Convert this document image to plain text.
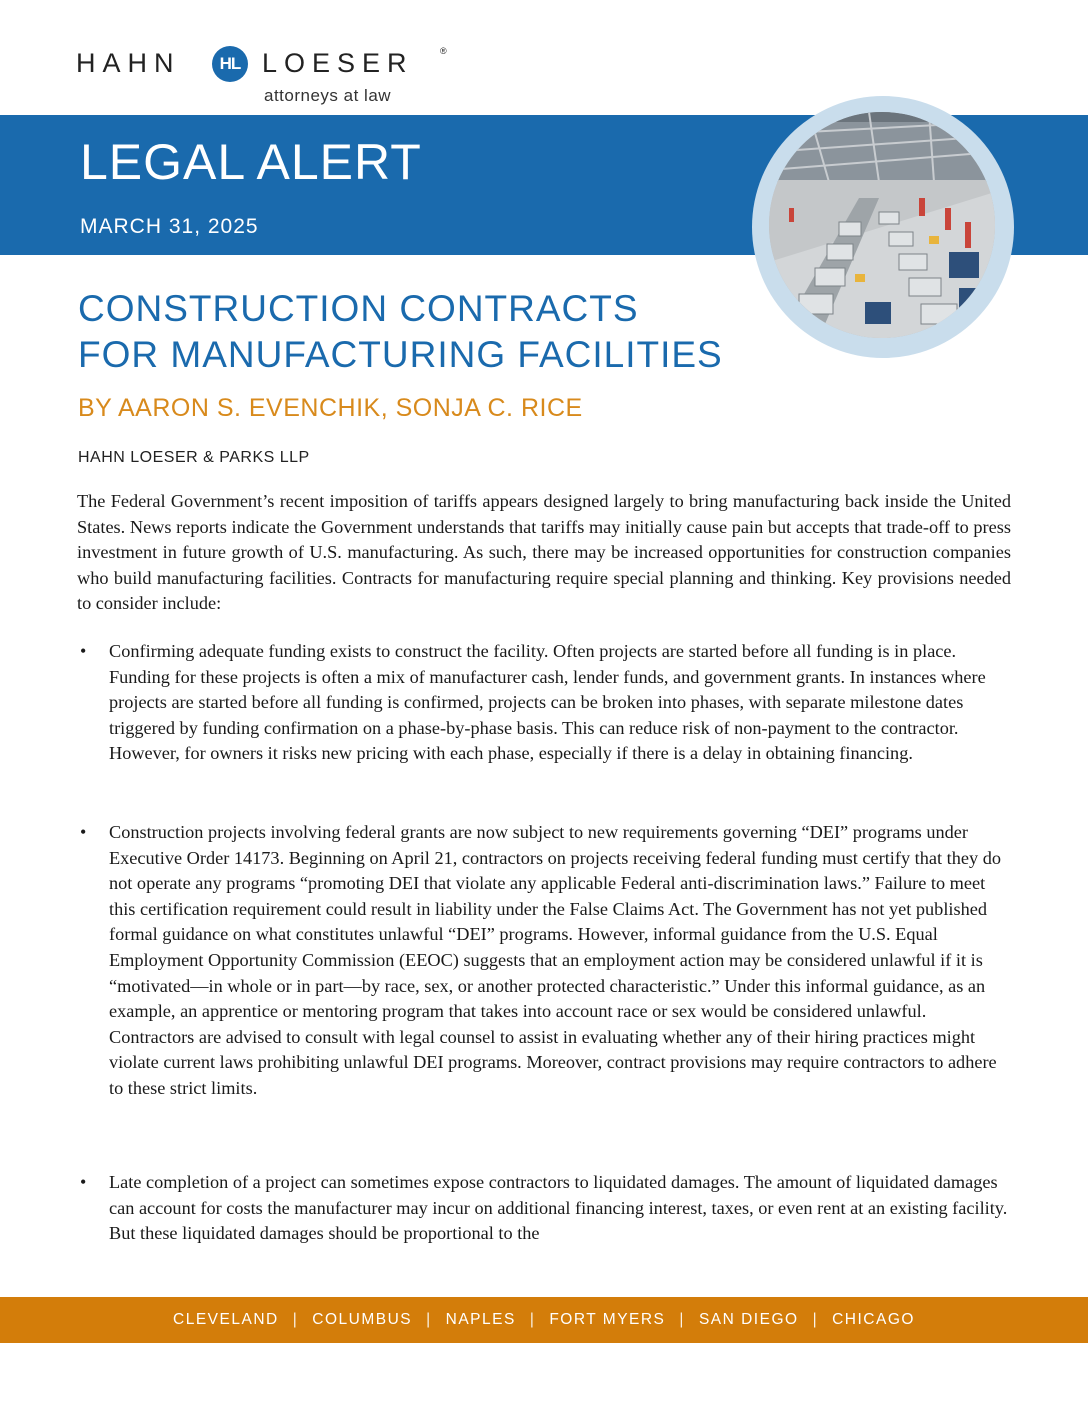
HAHN	HL LOESER	®
attorneys at law
LEGAL ALERT
MARCH 31, 2025
CONSTRUCTION CONTRACTS
FOR MANUFACTURING FACILITIES
BY AARON S. EVENCHIK, SONJA C. RICE
HAHN LOESER & PARKS LLP

The Federal Government’s recent imposition of tariffs appears designed largely to bring manufacturing back inside the United States. News reports indicate the Government understands that tariffs may initially cause pain but accepts that trade-off to press investment in future growth of U.S. manufacturing. As such, there may be increased opportunities for construction companies who build manufacturing facilities. Contracts for manufacturing require special planning and thinking. Key provisions needed to consider include:

• Confirming adequate funding exists to construct the facility. Often projects are started before all funding is in place. Funding for these projects is often a mix of manufacturer cash, lender funds, and government grants. In instances where projects are started before all funding is confirmed, projects can be broken into phases, with separate milestone dates triggered by funding confirmation on a phase-by-phase basis. This can reduce risk of non-payment to the contractor. However, for owners it risks new pricing with each phase, especially if there is a delay in obtaining financing.

• Construction projects involving federal grants are now subject to new requirements governing “DEI” programs under Executive Order 14173. Beginning on April 21, contractors on projects receiving federal funding must certify that they do not operate any programs “promoting DEI that violate any applicable Federal anti-discrimination laws.” Failure to meet this certification requirement could result in liability under the False Claims Act. The Government has not yet published formal guidance on what constitutes unlawful “DEI” programs. However, informal guidance from the U.S. Equal Employment Opportunity Commission (EEOC) suggests that an employment action may be considered unlawful if it is “motivated—in whole or in part—by race, sex, or another protected characteristic.” Under this informal guidance, as an example, an apprentice or mentoring program that takes into account race or sex would be considered unlawful. Contractors are advised to consult with legal counsel to assist in evaluating whether any of their hiring practices might violate current laws prohibiting unlawful DEI programs. Moreover, contract provisions may require contractors to adhere to these strict limits.

• Late completion of a project can sometimes expose contractors to liquidated damages. The amount of liquidated damages can account for costs the manufacturer may incur on additional financing interest, taxes, or even rent at an existing facility. But these liquidated damages should be proportional to the

CLEVELAND | COLUMBUS | NAPLES | FORT MYERS | SAN DIEGO | CHICAGO
